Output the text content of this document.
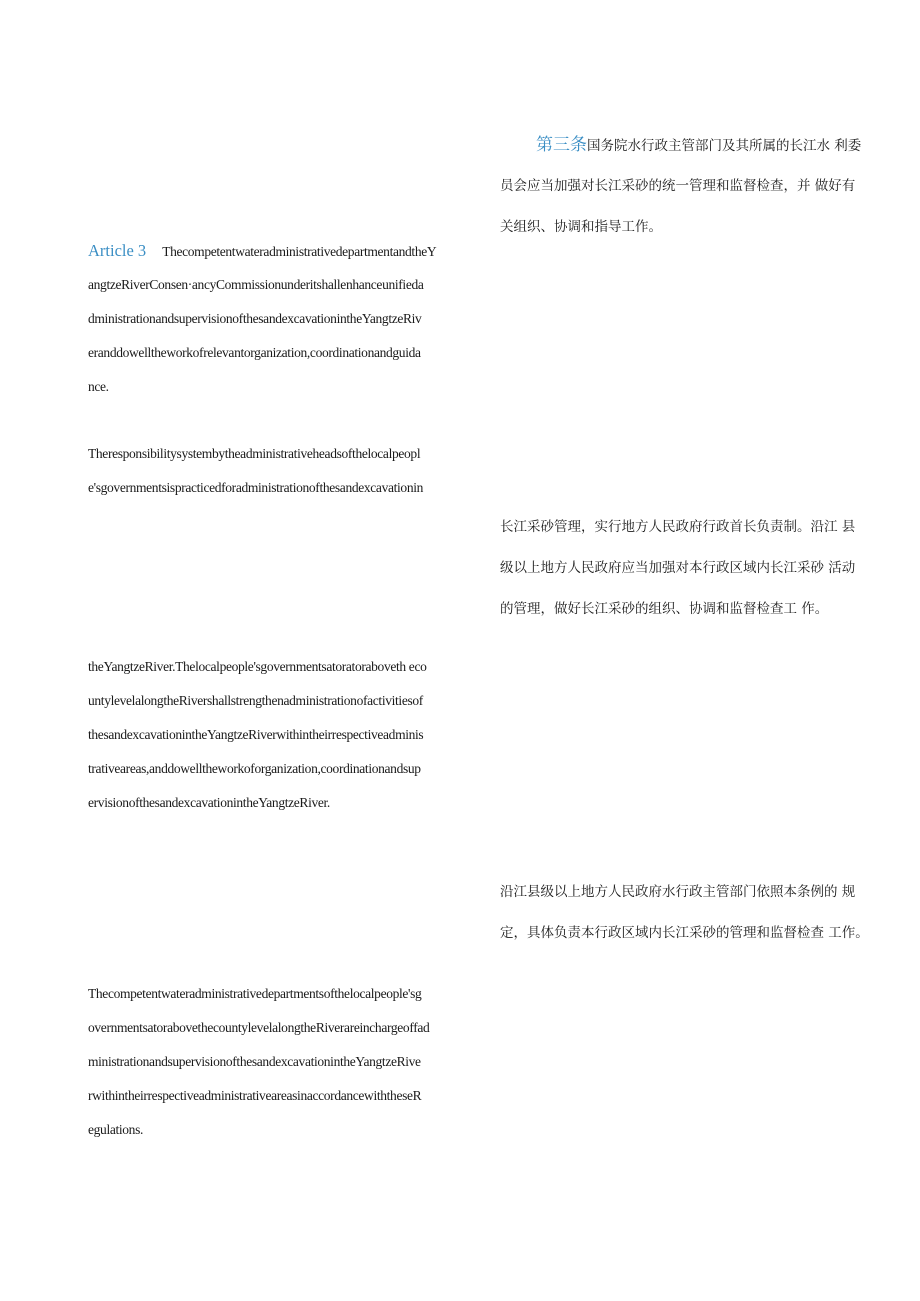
第三条国务院水行政主管部门及其所属的长江水 利委
员会应当加强对长江采砂的统一管理和监督检查，并 做好有
关组织、协调和指导工作。
Article 3 ThecompetentwateradministrativedepartmentandtheY
angtzeRiverConsen·ancyCommissionunderitshallenhanceunifieda
dministrationandsupervisionofthesandexcavationintheYangtzeRiv
eranddowelltheworkofrelevantorganization,coordinationandguida
nce.
Theresponsibilitysystembytheadministrativeheadsofthelocalpeopl
e'sgovernmentsispracticedforadministrationofthesandexcavationin
长江采砂管理，实行地方人民政府行政首长负责制。沿江 县
级以上地方人民政府应当加强对本行政区域内长江采砂 活动
的管理，做好长江采砂的组织、协调和监督检查工 作。
theYangtzeRiver.Thelocalpeople'sgovernmentsatoratoraboveth eco
untylevelalongtheRivershallstrengthenadministrationofactivitiesof
thesandexcavationintheYangtzeRiverwithintheirrespectiveadminis
trativeareas,anddowelltheworkoforganization,coordinationandsup
ervisionofthesandexcavationintheYangtzeRiver.
沿江县级以上地方人民政府水行政主管部门依照本条例的 规
定，具体负责本行政区域内长江采砂的管理和监督检查 工作。
Thecompetentwateradministrativedepartmentsofthelocalpeople'sg
overnmentsatorabovethecountylevelalongtheRiverareinchargeoffad
ministrationandsupervisionofthesandexcavationintheYangtzeRive
rwithintheirrespectiveadministrativeareasinaccordancewiththeseR
egulations.
